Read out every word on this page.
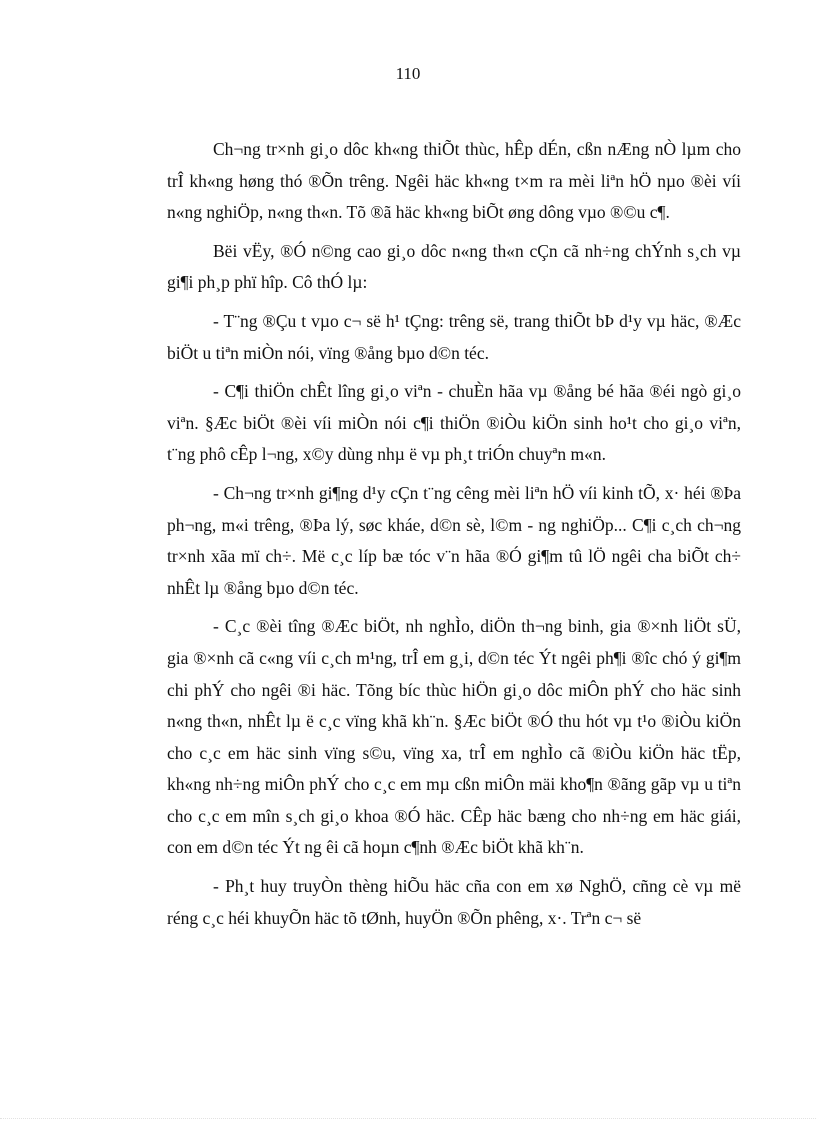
110

Ch¬ng tr×nh gi¸o dôc kh«ng thiÕt thùc, hÊp dÉn, cßn nÆng nÒ lµm cho trÎ kh«ng høng thó ®Õn trêng. Ngêi häc kh«ng t×m ra mèi liªn hÖ nµo ®èi víi n«ng nghiÖp, n«ng th«n. Tõ ®ã häc kh«ng biÕt øng dông vµo ®©u c¶.

Bëi vËy, ®Ó n©ng cao gi¸o dôc n«ng th«n cÇn cã nh÷ng chÝnh s¸ch vµ gi¶i ph¸p phï hîp. Cô thÓ lµ:

- T¨ng ®Çu t vµo c¬ së h¹ tÇng: trêng së, trang thiÕt bÞ d¹y vµ häc, ®Æc biÖt u tiªn miÒn nói, vïng ®ång bµo d©n téc.

- C¶i thiÖn chÊt lîng gi¸o viªn - chuÈn hãa vµ ®ång bé hãa ®éi ngò gi¸o viªn. §Æc biÖt ®èi víi miÒn nói c¶i thiÖn ®iÒu kiÖn sinh ho¹t cho gi¸o viªn, t¨ng phô cÊp l¬ng, x©y dùng nhµ ë vµ ph¸t triÓn chuyªn m«n.

- Ch¬ng tr×nh gi¶ng d¹y cÇn t¨ng cêng mèi liªn hÖ víi kinh tÕ, x· héi ®Þa ph¬ng, m«i trêng, ®Þa lý, søc kháe, d©n sè, l©m - ng nghiÖp... C¶i c¸ch ch¬ng tr×nh xãa mï ch÷. Më c¸c líp bæ tóc v¨n hãa ®Ó gi¶m tû lÖ ngêi cha biÕt ch÷ nhÊt lµ ®ång bµo d©n téc.

- C¸c ®èi tîng ®Æc biÖt, nh nghÌo, diÖn th¬ng binh, gia ®×nh liÖt sÜ, gia ®×nh cã c«ng víi c¸ch m¹ng, trÎ em g¸i, d©n téc Ýt ngêi ph¶i ®îc chó ý gi¶m chi phÝ cho ngêi ®i häc. Tõng bíc thùc hiÖn gi¸o dôc miÔn phÝ cho häc sinh n«ng th«n, nhÊt lµ ë c¸c vïng khã kh¨n. §Æc biÖt ®Ó thu hót vµ t¹o ®iÒu kiÖn cho c¸c em häc sinh vïng s©u, vïng xa, trÎ em nghÌo cã ®iÒu kiÖn häc tËp, kh«ng nh÷ng miÔn phÝ cho c¸c em mµ cßn miÔn mäi kho¶n ®ãng gãp vµ u tiªn cho c¸c em mîn s¸ch gi¸o khoa ®Ó häc. CÊp häc bæng cho nh÷ng em häc giái, con em d©n téc Ýt ng êi cã hoµn c¶nh ®Æc biÖt khã kh¨n.

- Ph¸t huy truyÒn thèng hiÕu häc cña con em xø NghÖ, cñng cè vµ më réng c¸c héi khuyÕn häc tõ tØnh, huyÖn ®Õn phêng, x·. Trªn c¬ së
